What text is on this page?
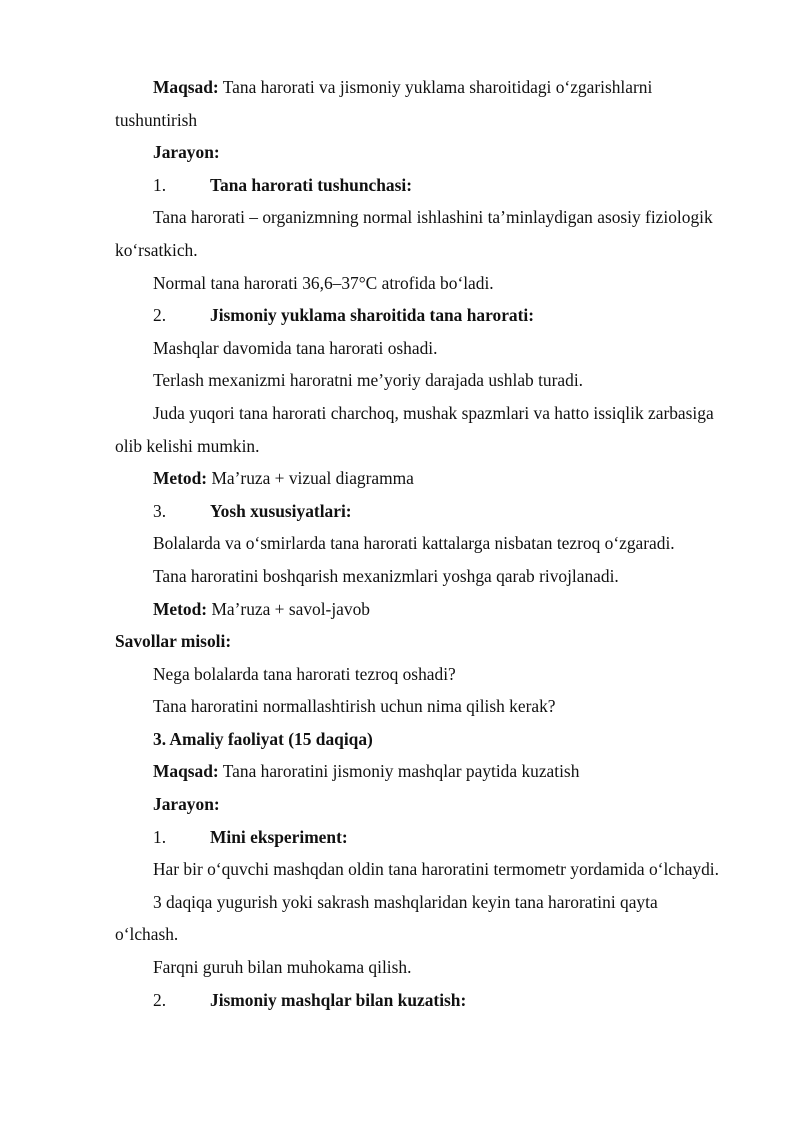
Maqsad: Tana harorati va jismoniy yuklama sharoitidagi o‘zgarishlarni tushuntirish

Jarayon:

1.	Tana harorati tushunchasi:

Tana harorati – organizmning normal ishlashini ta’minlaydigan asosiy fiziologik ko‘rsatkich.

Normal tana harorati 36,6–37°C atrofida bo‘ladi.

2.	Jismoniy yuklama sharoitida tana harorati:

Mashqlar davomida tana harorati oshadi.

Terlash mexanizmi haroratni me’yoriy darajada ushlab turadi.

Juda yuqori tana harorati charchoq, mushak spazmlari va hatto issiqlik zarbasiga olib kelishi mumkin.

Metod: Ma’ruza + vizual diagramma

3.	Yosh xususiyatlari:

Bolalarda va o‘smirlarda tana harorati kattalarga nisbatan tezroq o‘zgaradi.

Tana haroratini boshqarish mexanizmlari yoshga qarab rivojlanadi.

Metod: Ma’ruza + savol-javob

Savollar misoli:

Nega bolalarda tana harorati tezroq oshadi?

Tana haroratini normallashtirish uchun nima qilish kerak?

3. Amaliy faoliyat (15 daqiqa)

Maqsad: Tana haroratini jismoniy mashqlar paytida kuzatish

Jarayon:

1.	Mini eksperiment:

Har bir o‘quvchi mashqdan oldin tana haroratini termometr yordamida o‘lchaydi.

3 daqiqa yugurish yoki sakrash mashqlaridan keyin tana haroratini qayta o‘lchash.

Farqni guruh bilan muhokama qilish.

2.	Jismoniy mashqlar bilan kuzatish:
